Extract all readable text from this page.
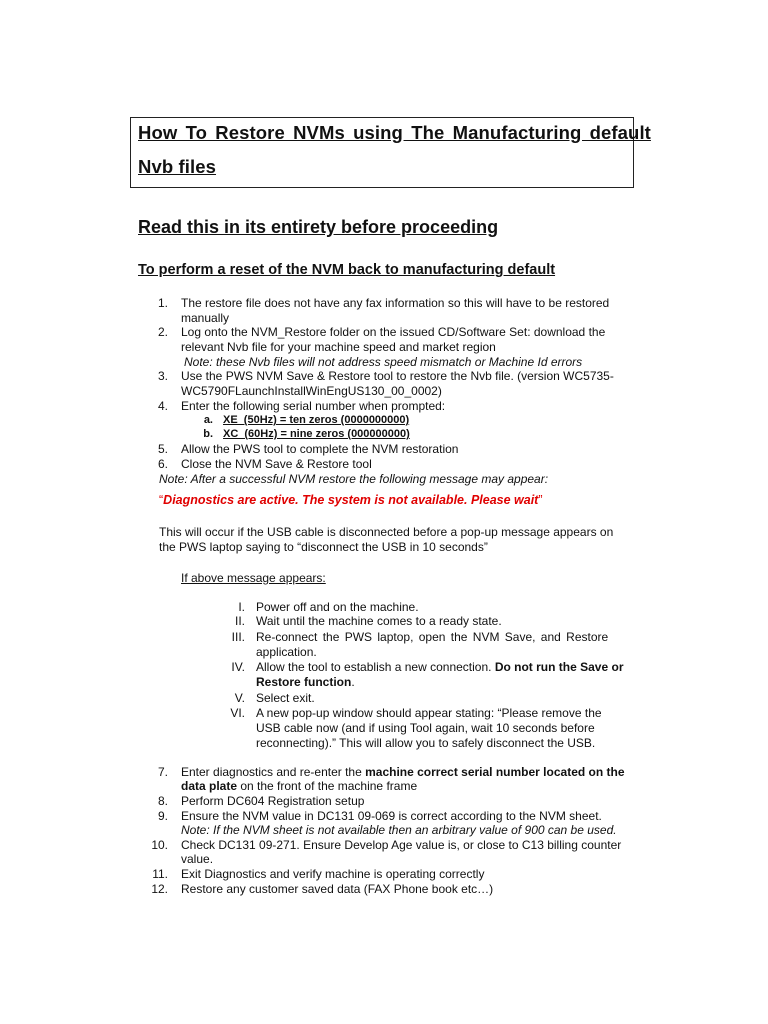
How To Restore NVMs using The Manufacturing default
Nvb files
Read this in its entirety before proceeding
To perform a reset of the NVM back to manufacturing default
1. The restore file does not have any fax information so this will have to be restored
manually
2. Log onto the NVM_Restore folder on the issued CD/Software Set: download the
relevant Nvb file for your machine speed and market region
Note: these Nvb files will not address speed mismatch or Machine Id errors
3. Use the PWS NVM Save & Restore tool to restore the Nvb file. (version WC5735-
WC5790FLaunchInstallWinEngUS130_00_0002)
4. Enter the following serial number when prompted:
a. XE_(50Hz) = ten zeros (0000000000)
b. XC_(60Hz) = nine zeros (000000000)
5. Allow the PWS tool to complete the NVM restoration
6. Close the NVM Save & Restore tool
Note: After a successful NVM restore the following message may appear:
“Diagnostics are active. The system is not available. Please wait”
This will occur if the USB cable is disconnected before a pop-up message appears on
the PWS laptop saying to “disconnect the USB in 10 seconds”
If above message appears:
I. Power off and on the machine.
II. Wait until the machine comes to a ready state.
III. Re-connect the PWS laptop, open the NVM Save, and Restore
application.
IV. Allow the tool to establish a new connection. Do not run the Save or
Restore function.
V. Select exit.
VI. A new pop-up window should appear stating: “Please remove the
USB cable now (and if using Tool again, wait 10 seconds before
reconnecting).” This will allow you to safely disconnect the USB.
7. Enter diagnostics and re-enter the machine correct serial number located on the
data plate on the front of the machine frame
8. Perform DC604 Registration setup
9. Ensure the NVM value in DC131 09-069 is correct according to the NVM sheet.
Note: If the NVM sheet is not available then an arbitrary value of 900 can be used.
10. Check DC131 09-271. Ensure Develop Age value is, or close to C13 billing counter
value.
11. Exit Diagnostics and verify machine is operating correctly
12. Restore any customer saved data (FAX Phone book etc…)
